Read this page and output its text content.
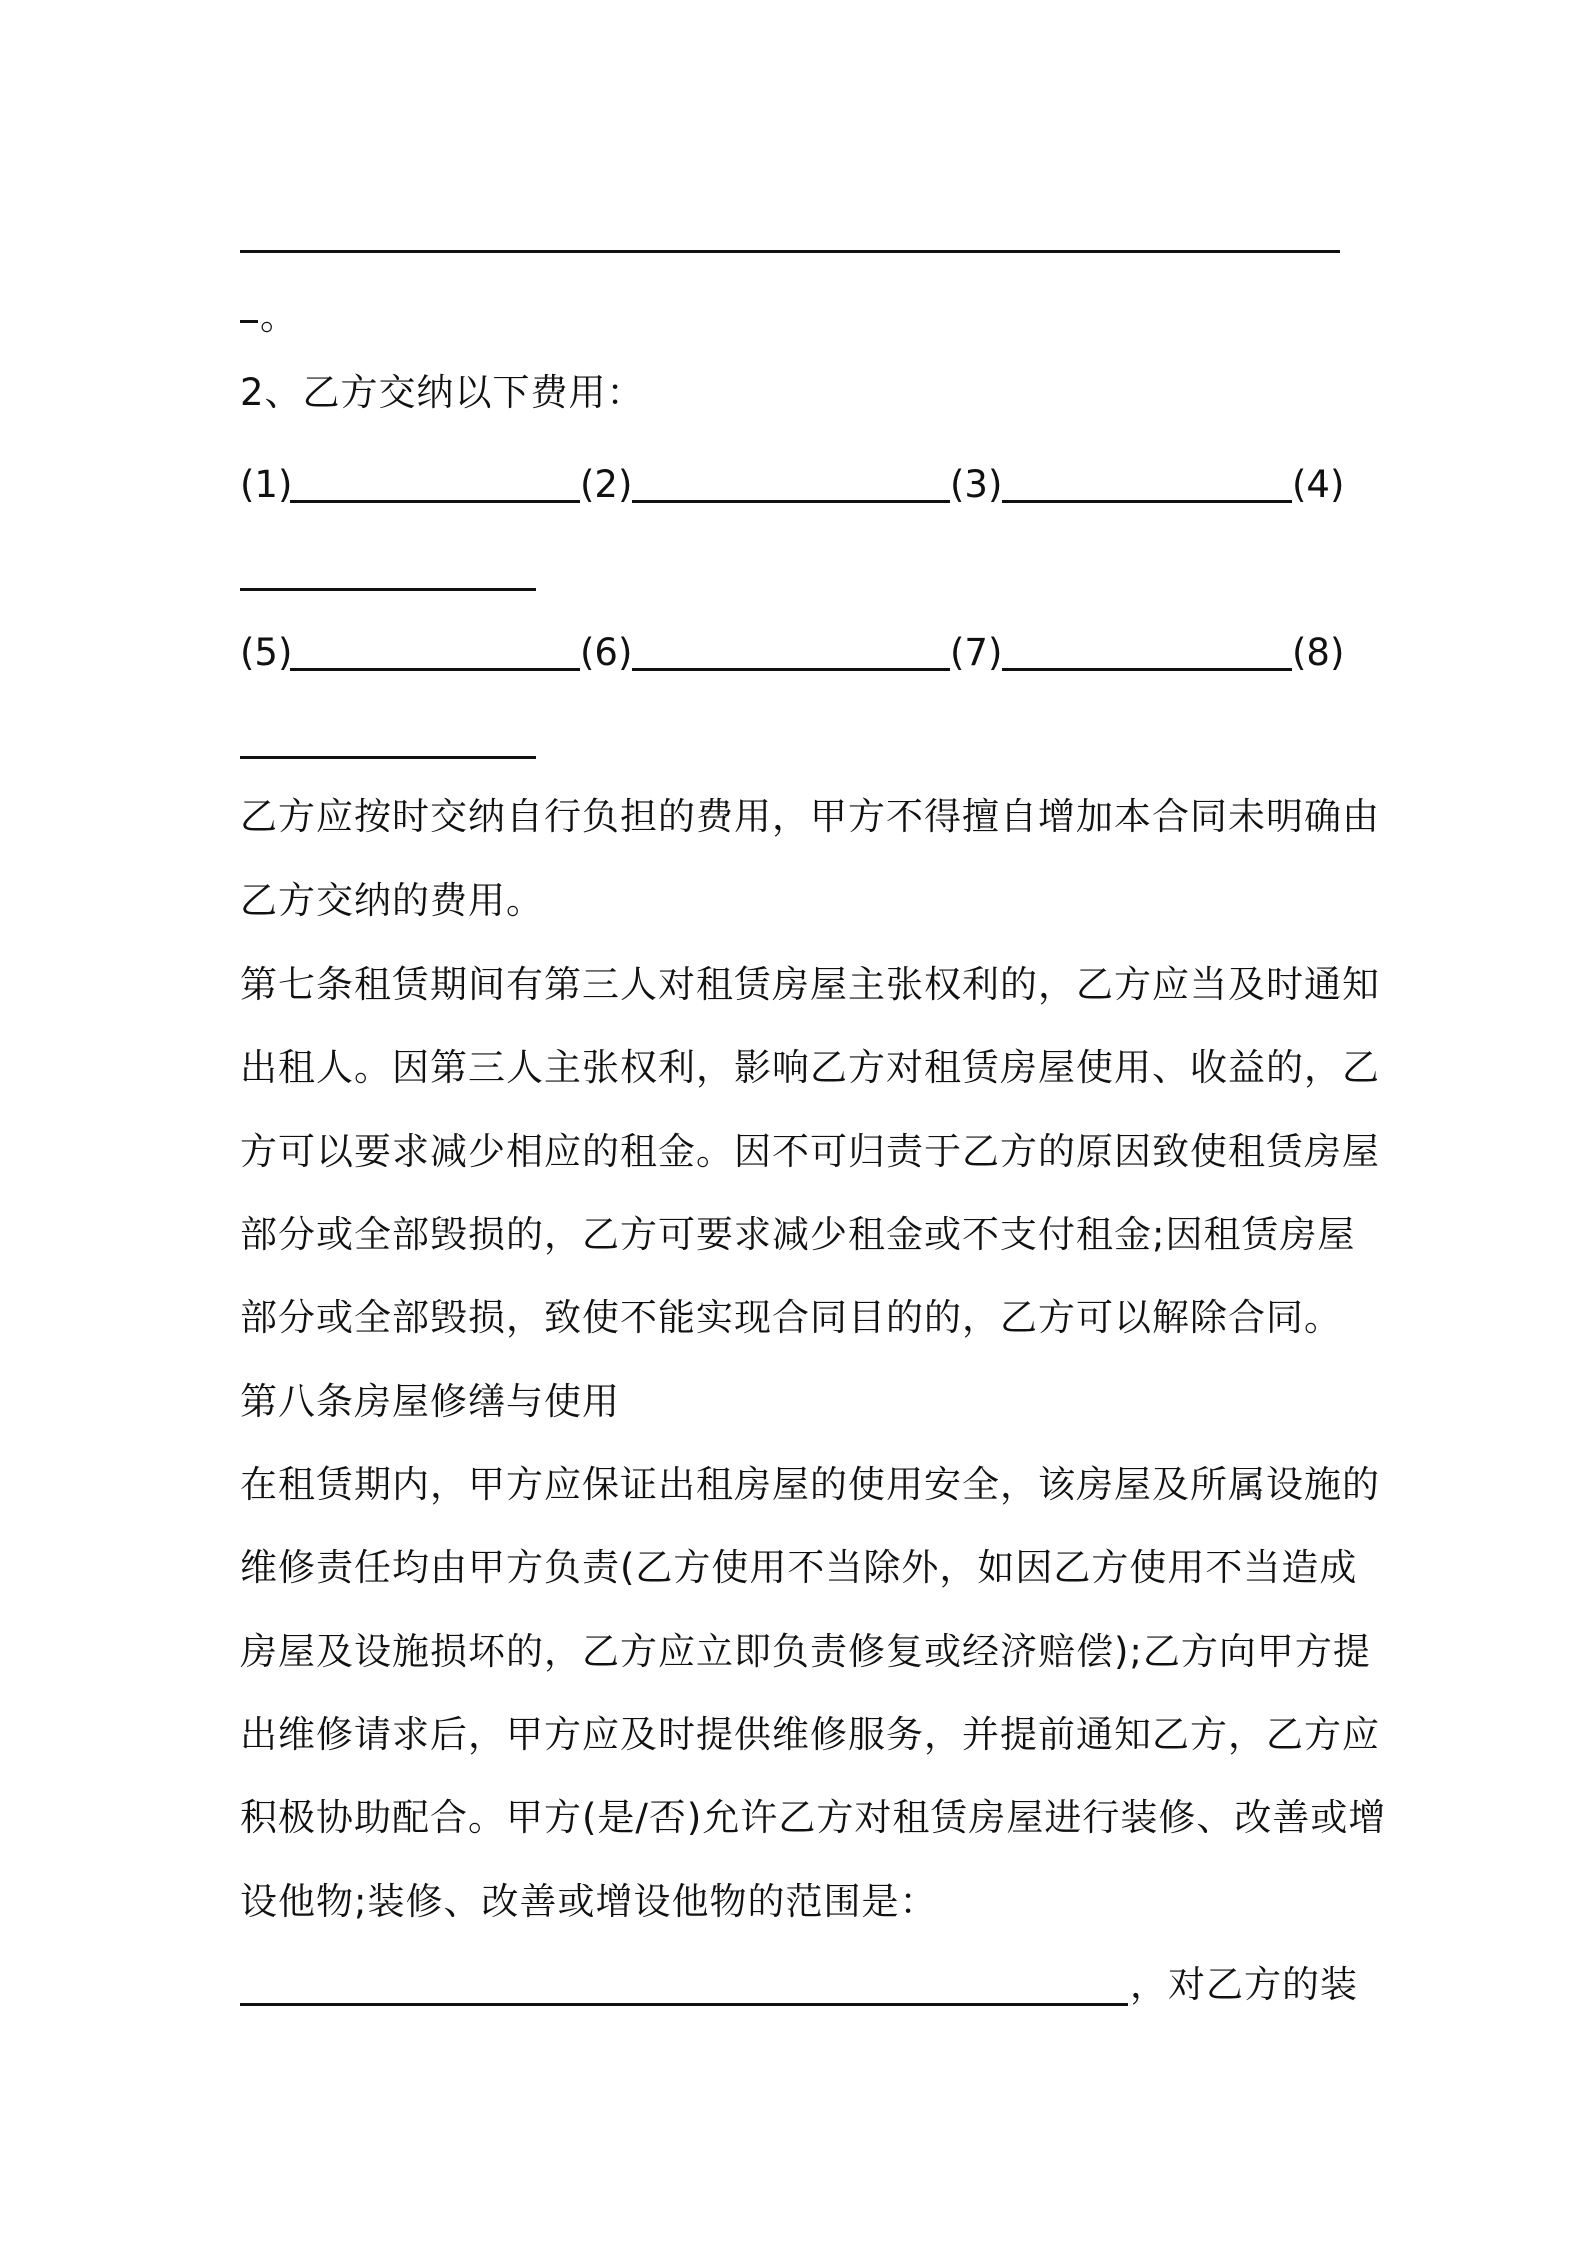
。
2、乙方交纳以下费用：
(1)	(2)	(3)	(4)
(5)	(6)	(7)	(8)
乙方应按时交纳自行负担的费用，甲方不得擅自增加本合同未明确由
乙方交纳的费用。
第七条租赁期间有第三人对租赁房屋主张权利的，乙方应当及时通知
出租人。因第三人主张权利，影响乙方对租赁房屋使用、收益的，乙
方可以要求减少相应的租金。因不可归责于乙方的原因致使租赁房屋
部分或全部毁损的，乙方可要求减少租金或不支付租金;因租赁房屋
部分或全部毁损，致使不能实现合同目的的，乙方可以解除合同。
第八条房屋修缮与使用
在租赁期内，甲方应保证出租房屋的使用安全，该房屋及所属设施的
维修责任均由甲方负责(乙方使用不当除外，如因乙方使用不当造成
房屋及设施损坏的，乙方应立即负责修复或经济赔偿);乙方向甲方提
出维修请求后，甲方应及时提供维修服务，并提前通知乙方，乙方应
积极协助配合。甲方(是/否)允许乙方对租赁房屋进行装修、改善或增
设他物;装修、改善或增设他物的范围是：
，对乙方的装
